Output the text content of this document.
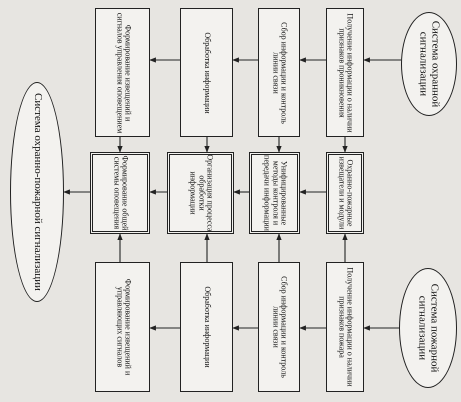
Система охранной сигнализации
Система пожарной сигнализации
Система охранно-пожарной сигнализации
Получение информации о наличии признаков проникновения
Сбор информации и контроль линии связи
Обработка информации
Формирование извещений и сигналов управления оповещением
Охранно-пожарные извещатели и модули
Унифицированные методы контроля и передачи информации
Организация процесса обработки информации
Формирование общей системы оповещения
Получение информации о наличии признаков пожара
Сбор информации и контроль линии связи
Обработка информации
Формирование извещений и управляющих сигналов
